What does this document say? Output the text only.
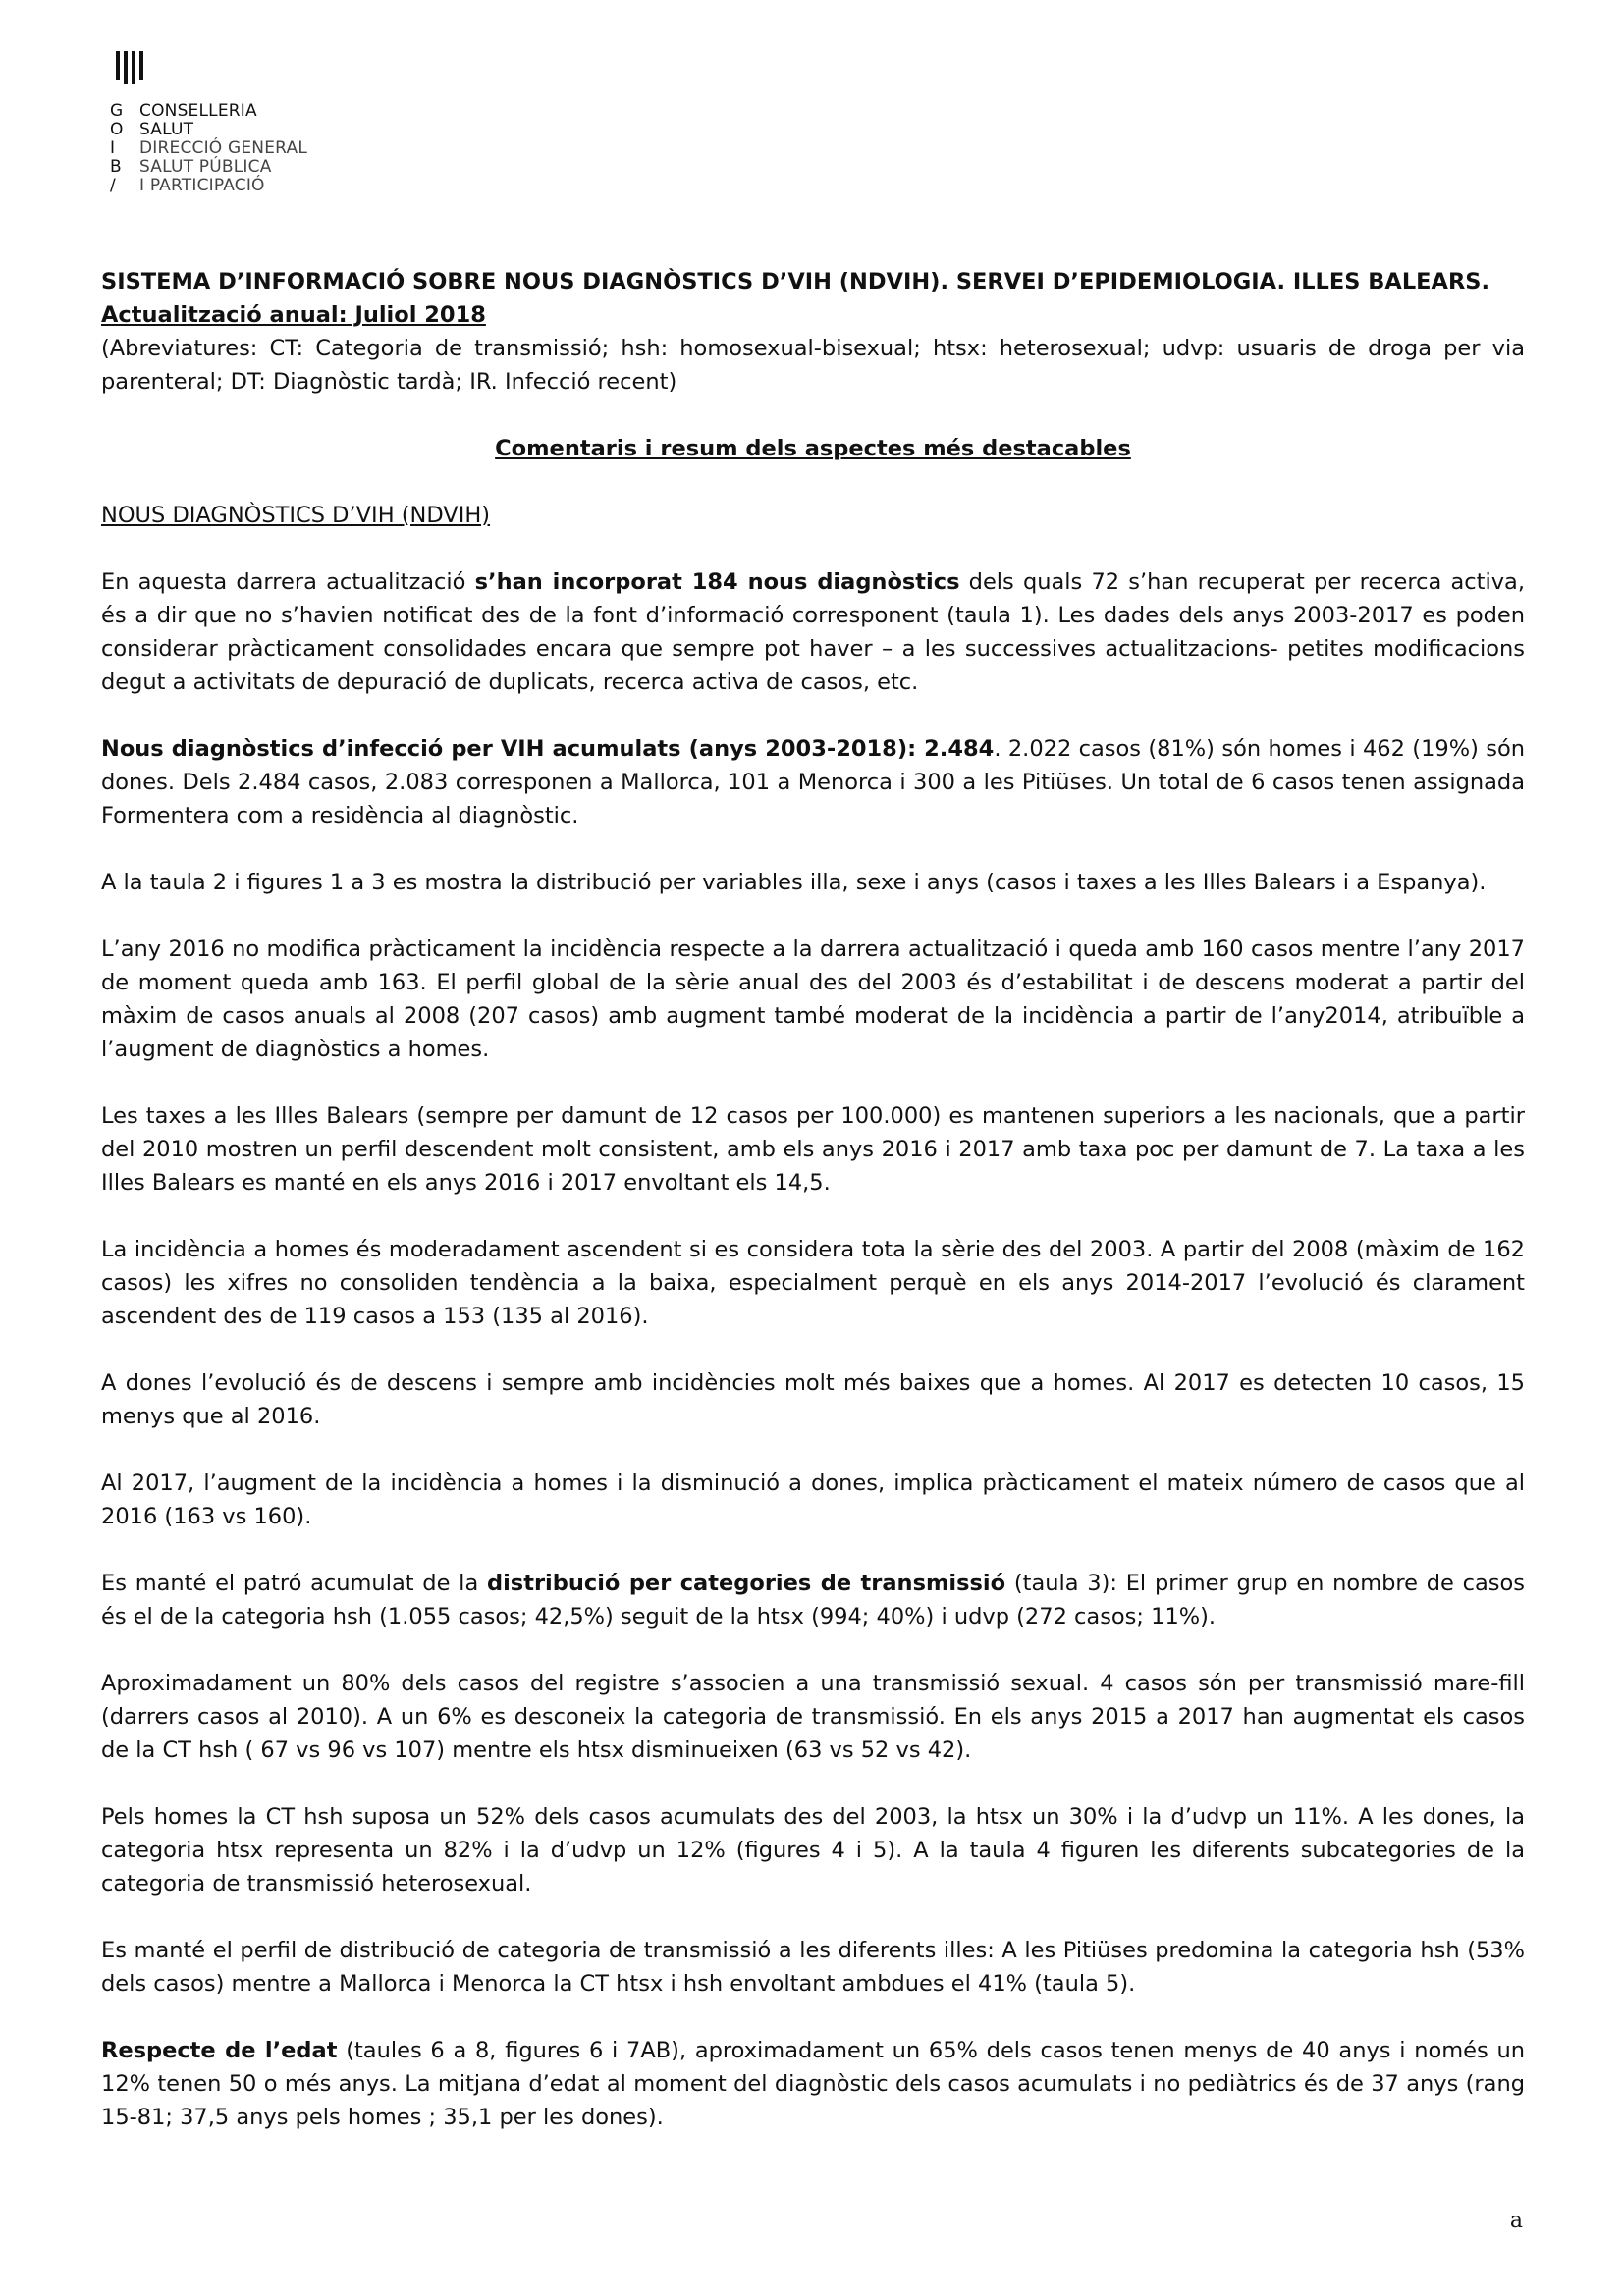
G CONSELLERIA
O SALUT
I	DIRECCIÓ GENERAL
B	SALUT PÚBLICA
/	I PARTICIPACIÓ

SISTEMA D’INFORMACIÓ SOBRE NOUS DIAGNÒSTICS D’VIH (NDVIH). SERVEI D’EPIDEMIOLOGIA. ILLES BALEARS.

Actualització anual: Juliol 2018

(Abreviatures: CT: Categoria de transmissió; hsh: homosexual-bisexual; htsx: heterosexual; udvp: usuaris de droga per via parenteral; DT: Diagnòstic tardà; IR. Infecció recent)

Comentaris i resum dels aspectes més destacables

NOUS DIAGNÒSTICS D’VIH (NDVIH)

En aquesta darrera actualització s’han incorporat 184 nous diagnòstics dels quals 72 s’han recuperat per recerca activa, és a dir que no s’havien notificat des de la font d’informació corresponent (taula 1). Les dades dels anys 2003-2017 es poden considerar pràcticament consolidades encara que sempre pot haver – a les successives actualitzacions- petites modificacions degut a activitats de depuració de duplicats, recerca activa de casos, etc.

Nous diagnòstics d’infecció per VIH acumulats (anys 2003-2018): 2.484. 2.022 casos (81%) són homes i 462 (19%) són dones. Dels 2.484 casos, 2.083 corresponen a Mallorca, 101 a Menorca i 300 a les Pitiüses. Un total de 6 casos tenen assignada Formentera com a residència al diagnòstic.

A la taula 2 i figures 1 a 3 es mostra la distribució per variables illa, sexe i anys (casos i taxes a les Illes Balears i a Espanya).

L’any 2016 no modifica pràcticament la incidència respecte a la darrera actualització i queda amb 160 casos mentre l’any 2017 de moment queda amb 163. El perfil global de la sèrie anual des del 2003 és d’estabilitat i de descens moderat a partir del màxim de casos anuals al 2008 (207 casos) amb augment també moderat de la incidència a partir de l’any2014, atribuïble a l’augment de diagnòstics a homes.

Les taxes a les Illes Balears (sempre per damunt de 12 casos per 100.000) es mantenen superiors a les nacionals, que a partir del 2010 mostren un perfil descendent molt consistent, amb els anys 2016 i 2017 amb taxa poc per damunt de 7. La taxa a les Illes Balears es manté en els anys 2016 i 2017 envoltant els 14,5.

La incidència a homes és moderadament ascendent si es considera tota la sèrie des del 2003. A partir del 2008 (màxim de 162 casos) les xifres no consoliden tendència a la baixa, especialment perquè en els anys 2014-2017 l’evolució és clarament ascendent des de 119 casos a 153 (135 al 2016).

A dones l’evolució és de descens i sempre amb incidències molt més baixes que a homes. Al 2017 es detecten 10 casos, 15 menys que al 2016.

Al 2017, l’augment de la incidència a homes i la disminució a dones, implica pràcticament el mateix número de casos que al 2016 (163 vs 160).

Es manté el patró acumulat de la distribució per categories de transmissió (taula 3): El primer grup en nombre de casos és el de la categoria hsh (1.055 casos; 42,5%) seguit de la htsx (994; 40%) i udvp (272 casos; 11%).

Aproximadament un 80% dels casos del registre s’associen a una transmissió sexual. 4 casos són per transmissió mare-fill (darrers casos al 2010). A un 6% es desconeix la categoria de transmissió. En els anys 2015 a 2017 han augmentat els casos de la CT hsh ( 67 vs 96 vs 107) mentre els htsx disminueixen (63 vs 52 vs 42).

Pels homes la CT hsh suposa un 52% dels casos acumulats des del 2003, la htsx un 30% i la d’udvp un 11%. A les dones, la categoria htsx representa un 82% i la d’udvp un 12% (figures 4 i 5). A la taula 4 figuren les diferents subcategories de la categoria de transmissió heterosexual.

Es manté el perfil de distribució de categoria de transmissió a les diferents illes: A les Pitiüses predomina la categoria hsh (53% dels casos) mentre a Mallorca i Menorca la CT htsx i hsh envoltant ambdues el 41% (taula 5).

Respecte de l’edat (taules 6 a 8, figures 6 i 7AB), aproximadament un 65% dels casos tenen menys de 40 anys i només un 12% tenen 50 o més anys. La mitjana d’edat al moment del diagnòstic dels casos acumulats i no pediàtrics és de 37 anys (rang 15-81; 37,5 anys pels homes ; 35,1 per les dones).

a
